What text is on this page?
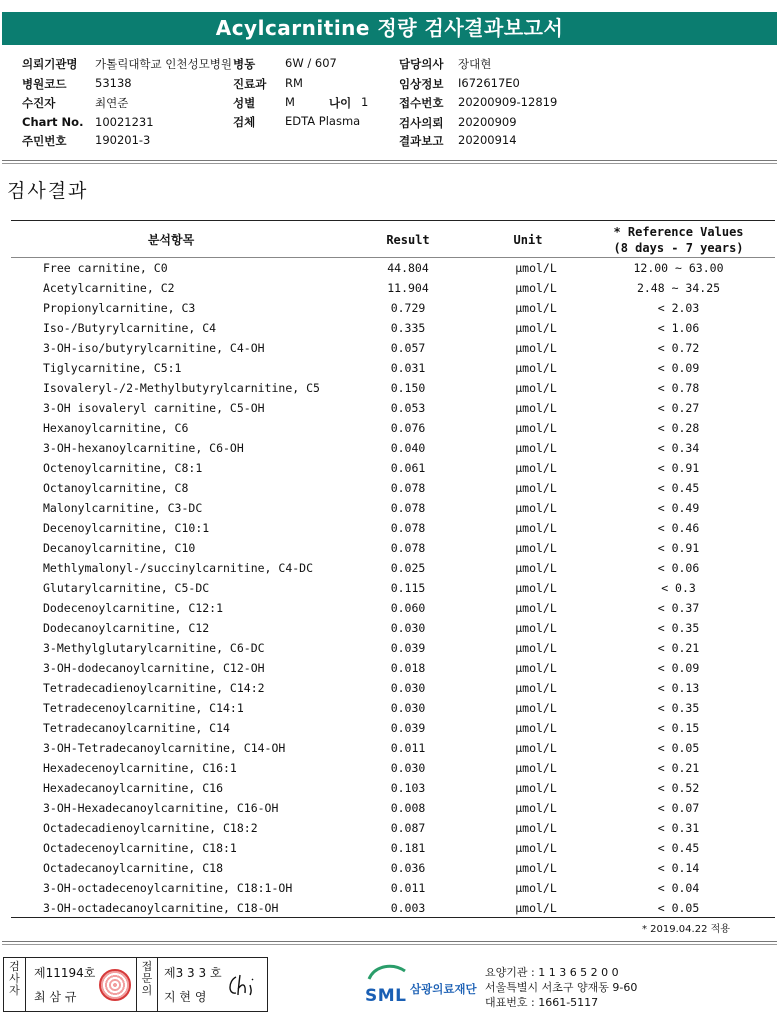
Acylcarnitine 정량 검사결과보고서
의뢰기관명 가톨릭대학교 인천성모병원
병원코드 53138
수진자	최연준
Chart No. 10021231
주민번호 190201-3
병동	6W / 607
진료과 RM
성별	M	나이 1
검체	EDTA Plasma
담당의사 장대현
임상정보 I672617E0
접수번호 20200909-12819
검사의뢰 20200909
결과보고 20200914
검사결과
분석항목	Result	Unit
* Reference Values
(8 days - 7 years)
Free carnitine, C0	44.804	μmol/L	12.00 ~ 63.00
Acetylcarnitine, C2	11.904	μmol/L	2.48 ~ 34.25
Propionylcarnitine, C3	0.729	μmol/L	< 2.03
Iso-/Butyrylcarnitine, C4	0.335	μmol/L	< 1.06
3-OH-iso/butyrylcarnitine, C4-OH	0.057	μmol/L	< 0.72
Tiglycarnitine, C5:1	0.031	μmol/L	< 0.09
Isovaleryl-/2-Methylbutyrylcarnitine, C5	0.150	μmol/L	< 0.78
3-OH isovaleryl carnitine, C5-OH	0.053	μmol/L	< 0.27
Hexanoylcarnitine, C6	0.076	μmol/L	< 0.28
3-OH-hexanoylcarnitine, C6-OH	0.040	μmol/L	< 0.34
Octenoylcarnitine, C8:1	0.061	μmol/L	< 0.91
Octanoylcarnitine, C8	0.078	μmol/L	< 0.45
Malonylcarnitine, C3-DC	0.078	μmol/L	< 0.49
Decenoylcarnitine, C10:1	0.078	μmol/L	< 0.46
Decanoylcarnitine, C10	0.078	μmol/L	< 0.91
Methlymalonyl-/succinylcarnitine, C4-DC	0.025	μmol/L	< 0.06
Glutarylcarnitine, C5-DC	0.115	μmol/L	< 0.3
Dodecenoylcarnitine, C12:1	0.060	μmol/L	< 0.37
Dodecanoylcarnitine, C12	0.030	μmol/L	< 0.35
3-Methylglutarylcarnitine, C6-DC	0.039	μmol/L	< 0.21
3-OH-dodecanoylcarnitine, C12-OH	0.018	μmol/L	< 0.09
Tetradecadienoylcarnitine, C14:2	0.030	μmol/L	< 0.13
Tetradecenoylcarnitine, C14:1	0.030	μmol/L	< 0.35
Tetradecanoylcarnitine, C14	0.039	μmol/L	< 0.15
3-OH-Tetradecanoylcarnitine, C14-OH	0.011	μmol/L	< 0.05
Hexadecenoylcarnitine, C16:1	0.030	μmol/L	< 0.21
Hexadecanoylcarnitine, C16	0.103	μmol/L	< 0.52
3-OH-Hexadecanoylcarnitine, C16-OH	0.008	μmol/L	< 0.07
Octadecadienoylcarnitine, C18:2	0.087	μmol/L	< 0.31
Octadecenoylcarnitine, C18:1	0.181	μmol/L	< 0.45
Octadecanoylcarnitine, C18	0.036	μmol/L	< 0.14
3-OH-octadecenoylcarnitine, C18:1-OH	0.011	μmol/L	< 0.04
3-OH-octadecanoylcarnitine, C18-OH	0.003	μmol/L	< 0.05
* 2019.04.22 적용
검
사
자
제11194호
최 삼 규
접
문
의
제3 3 3 호
지 현 영	SML 삼광의료재단
요양기관 : 1 1 3 6 5 2 0 0
서울특별시 서초구 양재동 9-60
대표번호 : 1661-5117
